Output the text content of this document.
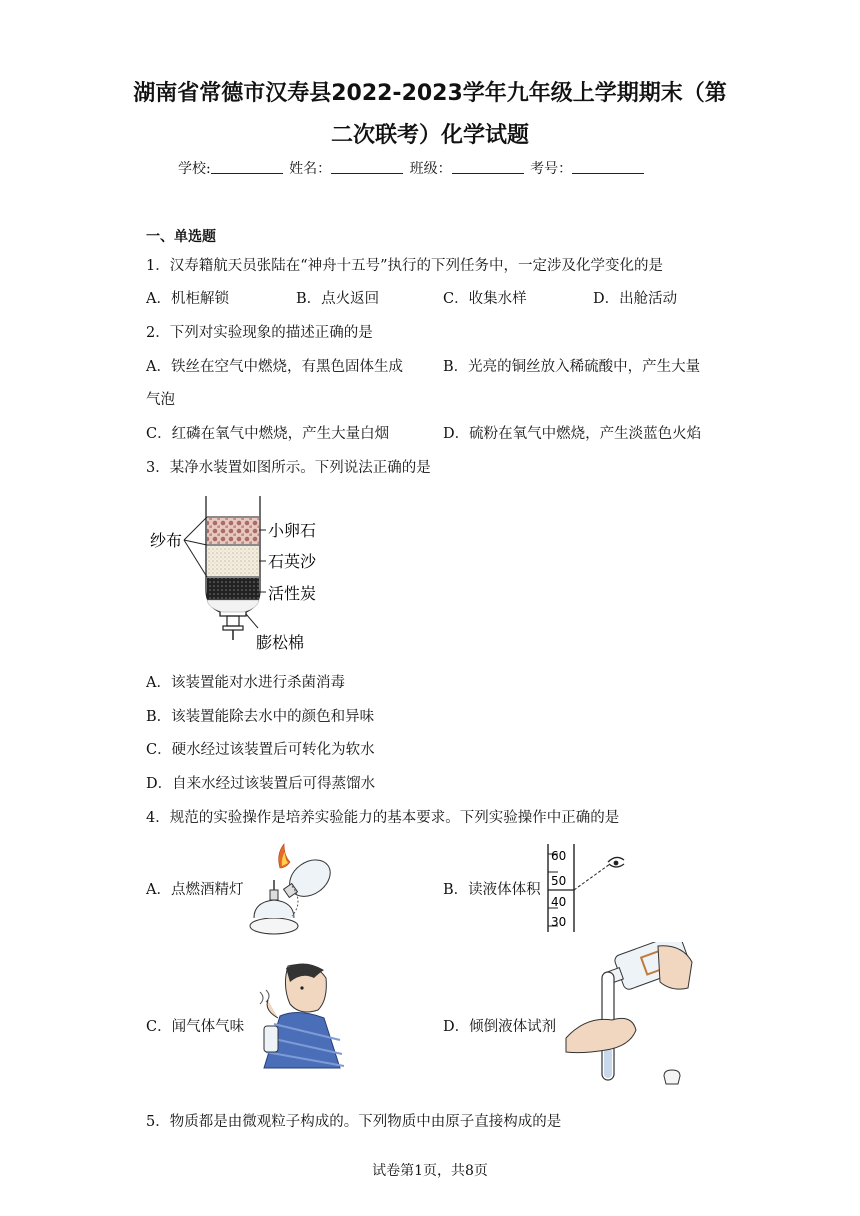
湖南省常德市汉寿县2022-2023学年九年级上学期期末（第
二次联考）化学试题
学校:	姓名：	班级：	考号：
一、单选题
1．汉寿籍航天员张陆在“神舟十五号”执行的下列任务中，一定涉及化学变化的是
A．机柜解锁	B．点火返回	C．收集水样	D．出舱活动
2．下列对实验现象的描述正确的是
A．铁丝在空气中燃烧，有黑色固体生成	B．光亮的铜丝放入稀硫酸中，产生大量
气泡
C．红磷在氧气中燃烧，产生大量白烟	D．硫粉在氧气中燃烧，产生淡蓝色火焰
3．某净水装置如图所示。下列说法正确的是
纱布
小卵石
石英沙
活性炭
膨松棉
A．该装置能对水进行杀菌消毒
B．该装置能除去水中的颜色和异味
C．硬水经过该装置后可转化为软水
D．自来水经过该装置后可得蒸馏水
4．规范的实验操作是培养实验能力的基本要求。下列实验操作中正确的是
A．点燃酒精灯	B．读液体体积
60
50
40
30
C．闻气体气味	D．倾倒液体试剂
5．物质都是由微观粒子构成的。下列物质中由原子直接构成的是
试卷第1页，共8页
